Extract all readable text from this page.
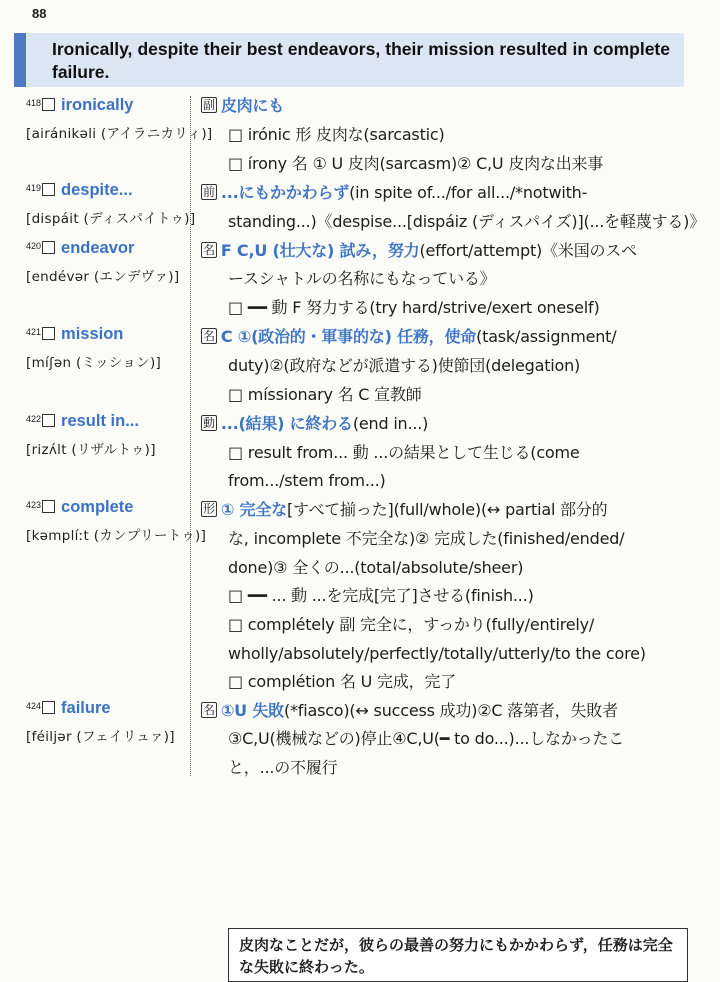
88
Ironically, despite their best endeavors, their mission resulted in complete failure.
$^{418}$ ironically
[airánikəli (アイラニカリィ)]
$^{419}$ despite...
[dispáit (ディスパイトゥ)]
$^{420}$ endeavor
[endévər (エンデヴァ)]
$^{421}$ mission
[míʃən (ミッション)]
$^{422}$ result in...
[rizʌ́lt (リザルトゥ)]
$^{423}$ complete
[kəmplíːt (カンプリートゥ)]
$^{424}$ failure
[féiljər (フェイリュァ)]
副 皮肉にも
□ irónic 形 皮肉な(sarcastic)
□ írony 名 ① U 皮肉(sarcasm)② C,U 皮肉な出来事
前 ...にもかかわらず(in spite of.../for all.../*notwith-
standing...)《despise...[dispáiz (ディスパイズ)](...を軽蔑する)》
名 F C,U (壮大な) 試み，努力(effort/attempt)《米国のスペ
ースシャトルの名称にもなっている》
□ ━━ 動 F 努力する(try hard/strive/exert oneself)
名 C ①(政治的・軍事的な) 任務，使命(task/assignment/
duty)②(政府などが派遣する)使節団(delegation)
□ míssionary 名 C 宣教師
動 ...(結果) に終わる(end in...)
□ result from... 動 ...の結果として生じる(come
from.../stem from...)
形 ① 完全な[すべて揃った](full/whole)(↔ partial 部分的
な, incomplete 不完全な)② 完成した(finished/ended/
done)③ 全くの...(total/absolute/sheer)
□ ━━ ... 動 ...を完成[完了]させる(finish...)
□ complétely 副 完全に，すっかり(fully/entirely/
wholly/absolutely/perfectly/totally/utterly/to the core)
□ complétion 名 U 完成，完了
名 ①U 失敗(*fiasco)(↔ success 成功)②C 落第者，失敗者
③C,U(機械などの)停止④C,U(━ to do...)...しなかったこ
と，...の不履行
皮肉なことだが，彼らの最善の努力にもかかわらず，任務は完全な失敗に終わった。
